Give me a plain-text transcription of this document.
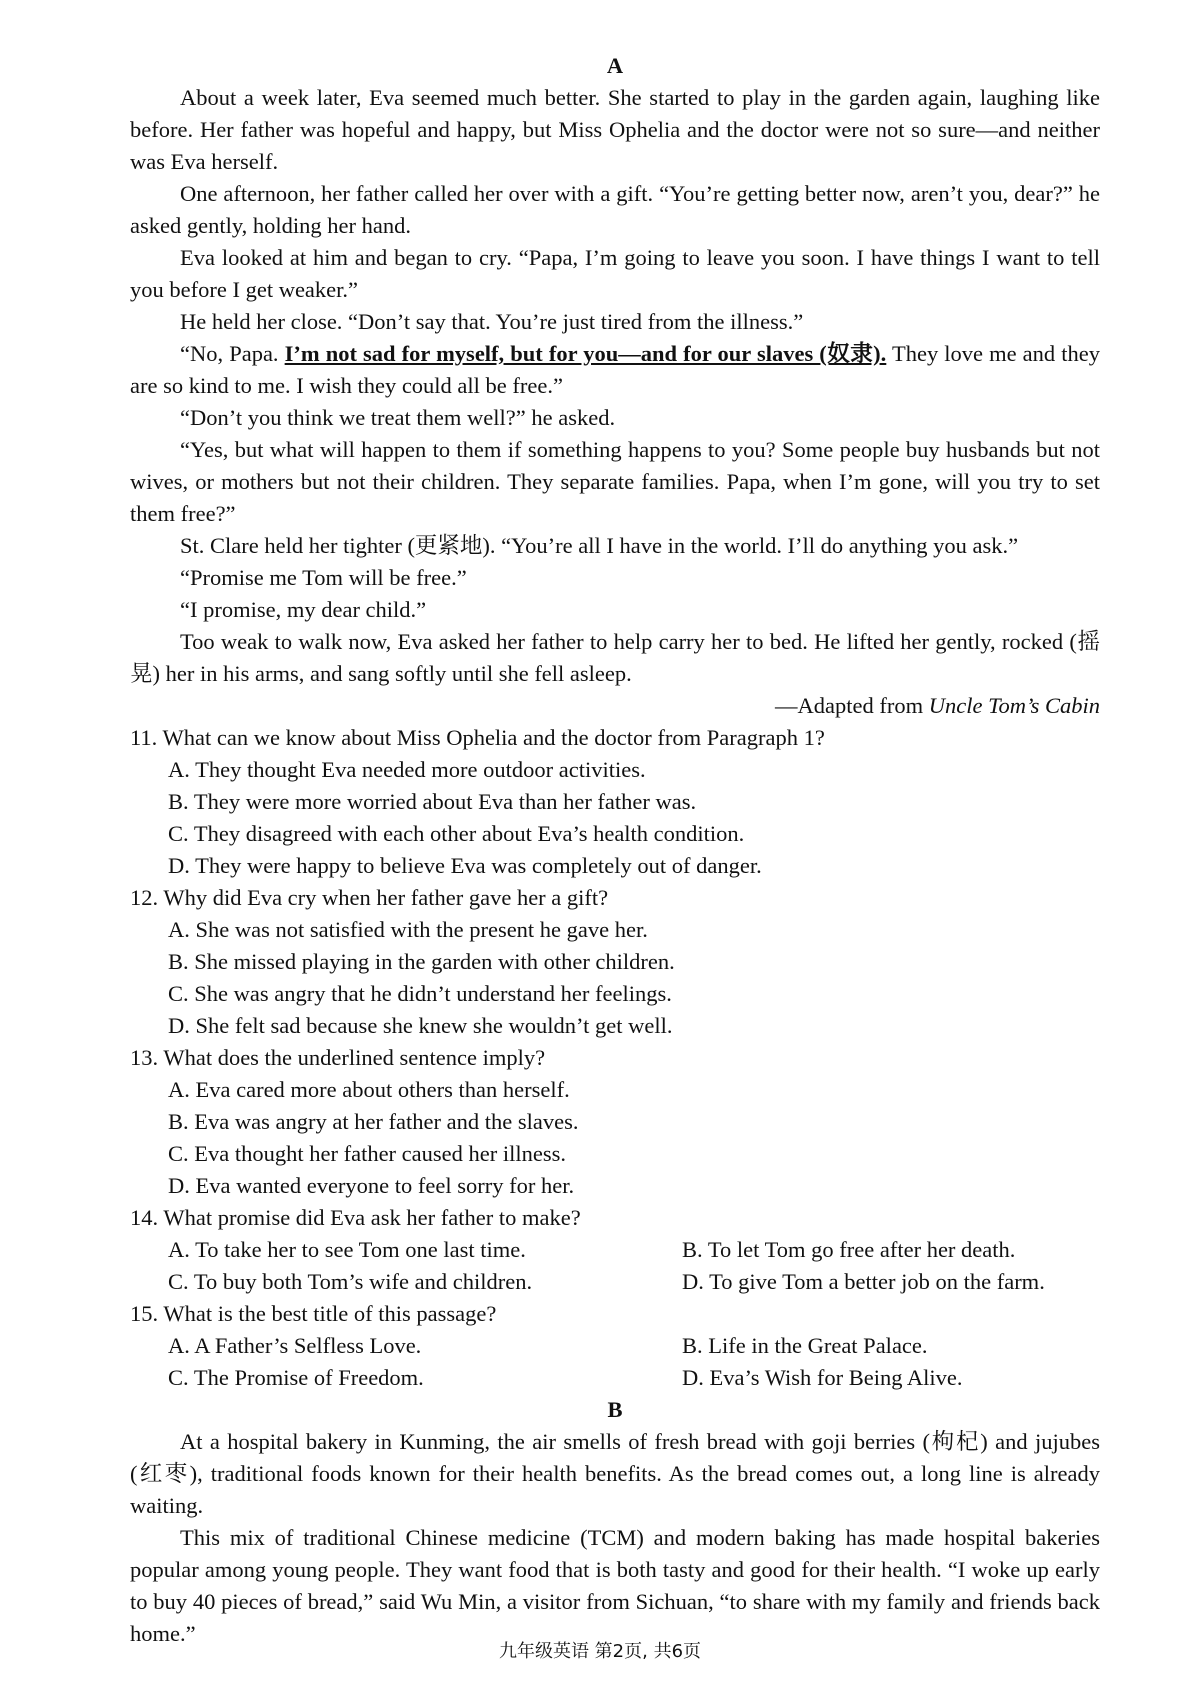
A

About a week later, Eva seemed much better. She started to play in the garden again, laughing like before. Her father was hopeful and happy, but Miss Ophelia and the doctor were not so sure—and neither was Eva herself.

One afternoon, her father called her over with a gift. “You’re getting better now, aren’t you, dear?” he asked gently, holding her hand.

Eva looked at him and began to cry. “Papa, I’m going to leave you soon. I have things I want to tell you before I get weaker.”

He held her close. “Don’t say that. You’re just tired from the illness.”

“No, Papa. I’m not sad for myself, but for you—and for our slaves (奴隶). They love me and they are so kind to me. I wish they could all be free.”

“Don’t you think we treat them well?” he asked.

“Yes, but what will happen to them if something happens to you? Some people buy husbands but not wives, or mothers but not their children. They separate families. Papa, when I’m gone, will you try to set them free?”

St. Clare held her tighter (更紧地). “You’re all I have in the world. I’ll do anything you ask.”

“Promise me Tom will be free.”

“I promise, my dear child.”

Too weak to walk now, Eva asked her father to help carry her to bed. He lifted her gently, rocked (摇晃) her in his arms, and sang softly until she fell asleep.

—Adapted from Uncle Tom’s Cabin

11. What can we know about Miss Ophelia and the doctor from Paragraph 1?

A. They thought Eva needed more outdoor activities.

B. They were more worried about Eva than her father was.

C. They disagreed with each other about Eva’s health condition.

D. They were happy to believe Eva was completely out of danger.

12. Why did Eva cry when her father gave her a gift?

A. She was not satisfied with the present he gave her.

B. She missed playing in the garden with other children.

C. She was angry that he didn’t understand her feelings.

D. She felt sad because she knew she wouldn’t get well.

13. What does the underlined sentence imply?

A. Eva cared more about others than herself.

B. Eva was angry at her father and the slaves.

C. Eva thought her father caused her illness.

D. Eva wanted everyone to feel sorry for her.

14. What promise did Eva ask her father to make?

A. To take her to see Tom one last time.	B. To let Tom go free after her death.
C. To buy both Tom’s wife and children.	D. To give Tom a better job on the farm.

15. What is the best title of this passage?

A. A Father’s Selfless Love.	B. Life in the Great Palace.
C. The Promise of Freedom.	D. Eva’s Wish for Being Alive.
B

At a hospital bakery in Kunming, the air smells of fresh bread with goji berries (枸杞) and jujubes (红枣), traditional foods known for their health benefits. As the bread comes out, a long line is already waiting.

This mix of traditional Chinese medicine (TCM) and modern baking has made hospital bakeries popular among young people. They want food that is both tasty and good for their health. “I woke up early to buy 40 pieces of bread,” said Wu Min, a visitor from Sichuan, “to share with my family and friends back home.”

九年级英语 第2页, 共6页
